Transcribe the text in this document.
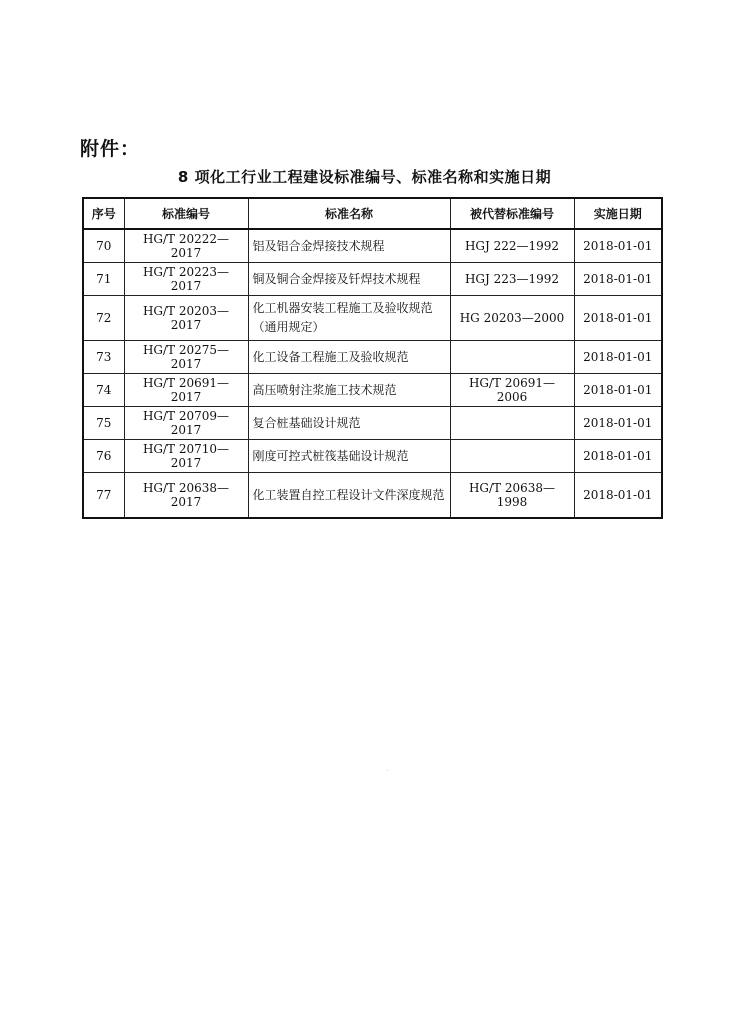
附件：
8 项化工行业工程建设标准编号、标准名称和实施日期
序号	标准编号	标准名称	被代替标准编号	实施日期
70	HG/T 20222—2017	铝及铝合金焊接技术规程	HGJ 222—1992	2018-01-01
71	HG/T 20223—2017	铜及铜合金焊接及钎焊技术规程	HGJ 223—1992	2018-01-01
72	HG/T 20203—2017	化工机器安装工程施工及验收规范（通用规定）	HG 20203—2000	2018-01-01
73	HG/T 20275—2017	化工设备工程施工及验收规范		2018-01-01
74	HG/T 20691—2017	高压喷射注浆施工技术规范	HG/T 20691—2006	2018-01-01
75	HG/T 20709—2017	复合桩基础设计规范		2018-01-01
76	HG/T 20710—2017	刚度可控式桩筏基础设计规范		2018-01-01
77	HG/T 20638—2017	化工装置自控工程设计文件深度规范	HG/T 20638—1998	2018-01-01
